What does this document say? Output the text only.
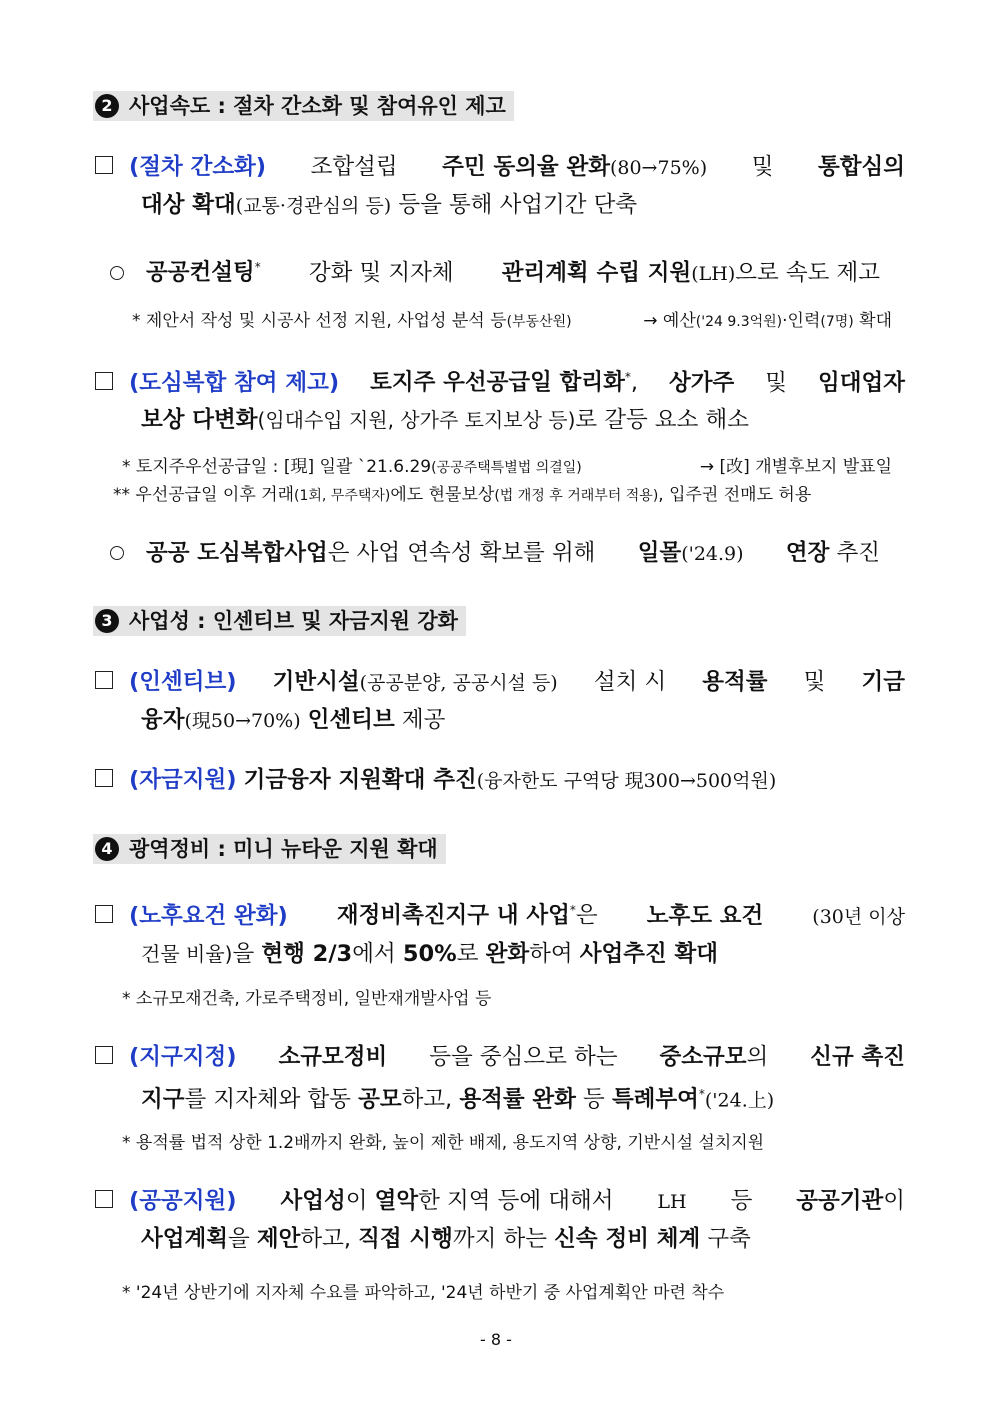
2 사업속도 : 절차 간소화 및 참여유인 제고
(절차 간소화) 조합설립 주민 동의율 완화(80→75%) 및 통합심의
대상 확대(교통·경관심의 등) 등을 통해 사업기간 단축
공공컨설팅* 강화 및 지자체 관리계획 수립 지원(LH)으로 속도 제고
* 제안서 작성 및 시공사 선정 지원, 사업성 분석 등(부동산원)	→ 예산('24 9.3억원)·인력(7명) 확대
(도심복합 참여 제고) 토지주 우선공급일 합리화*, 상가주 및 임대업자
보상 다변화(임대수입 지원, 상가주 토지보상 등)로 갈등 요소 해소
* 토지주우선공급일 : [現] 일괄 `21.6.29(공공주택특별법 의결일)	→ [改] 개별후보지 발표일
** 우선공급일 이후 거래(1회, 무주택자)에도 현물보상(법 개정 후 거래부터 적용), 입주권 전매도 허용
공공 도심복합사업은 사업 연속성 확보를 위해 일몰('24.9) 연장 추진
3 사업성 : 인센티브 및 자금지원 강화
(인센티브) 기반시설(공공분양, 공공시설 등) 설치 시 용적률 및 기금
융자(現50→70%) 인센티브 제공
(자금지원)
기금융자 지원확대 추진 (융자한도 구역당 現300→500억원)
4 광역정비 : 미니 뉴타운 지원 확대
(노후요건 완화) 재정비촉진지구 내 사업*은 노후도 요건	(30년 이상
건물 비율)을 현행 2/3에서 50%로 완화하여 사업추진 확대
* 소규모재건축, 가로주택정비, 일반재개발사업 등
(지구지정) 소규모정비 등을 중심으로 하는 중소규모의 신규 촉진
지구를 지자체와 합동 공모하고, 용적률 완화 등 특례부여*('24.上)
* 용적률 법적 상한 1.2배까지 완화, 높이 제한 배제, 용도지역 상향, 기반시설 설치지원
(공공지원) 사업성이 열악한 지역 등에 대해서 LH 등 공공기관이
사업계획을 제안하고, 직접 시행까지 하는 신속 정비 체계 구축
* '24년 상반기에 지자체 수요를 파악하고, '24년 하반기 중 사업계획안 마련 착수
- 8 -
